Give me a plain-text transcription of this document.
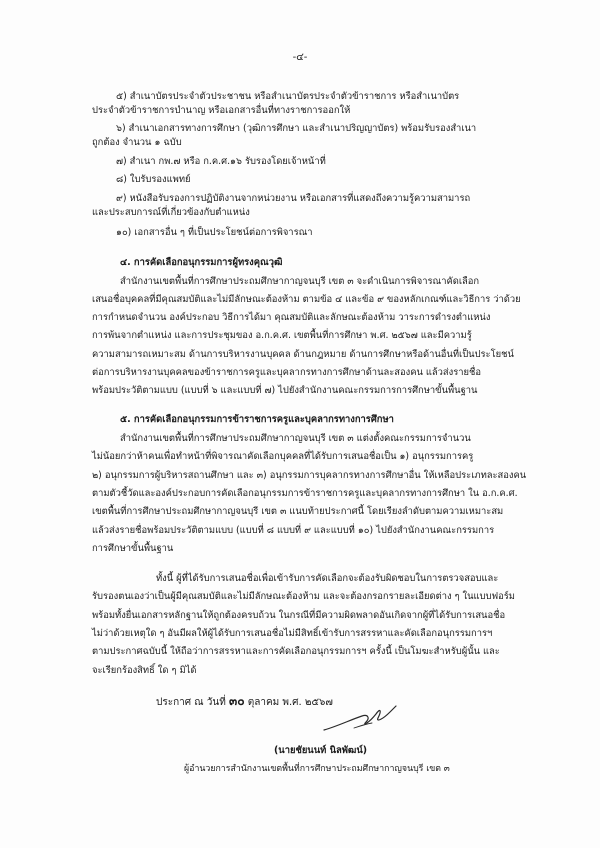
-๔-
๕) สำเนาบัตรประจำตัวประชาชน หรือสำเนาบัตรประจำตัวข้าราชการ หรือสำเนาบัตร
ประจำตัวข้าราชการบำนาญ หรือเอกสารอื่นที่ทางราชการออกให้
๖) สำเนาเอกสารทางการศึกษา (วุฒิการศึกษา และสำเนาปริญญาบัตร) พร้อมรับรองสำเนา
ถูกต้อง จำนวน ๑ ฉบับ
๗) สำเนา กพ.๗ หรือ ก.ค.ศ.๑๖ รับรองโดยเจ้าหน้าที่
๘) ใบรับรองแพทย์
๙) หนังสือรับรองการปฏิบัติงานจากหน่วยงาน หรือเอกสารที่แสดงถึงความรู้ความสามารถ
และประสบการณ์ที่เกี่ยวข้องกับตำแหน่ง
๑๐) เอกสารอื่น ๆ ที่เป็นประโยชน์ต่อการพิจารณา
๔. การคัดเลือกอนุกรรมการผู้ทรงคุณวุฒิ
สำนักงานเขตพื้นที่การศึกษาประถมศึกษากาญจนบุรี เขต ๓ จะดำเนินการพิจารณาคัดเลือก
เสนอชื่อบุคคลที่มีคุณสมบัติและไม่มีลักษณะต้องห้าม ตามข้อ ๔ และข้อ ๙ ของหลักเกณฑ์และวิธีการ ว่าด้วย
การกำหนดจำนวน องค์ประกอบ วิธีการได้มา คุณสมบัติและลักษณะต้องห้าม วาระการดำรงตำแหน่ง
การพ้นจากตำแหน่ง และการประชุมของ อ.ก.ค.ศ. เขตพื้นที่การศึกษา พ.ศ. ๒๕๖๗ และมีความรู้
ความสามารถเหมาะสม ด้านการบริหารงานบุคคล ด้านกฎหมาย ด้านการศึกษาหรือด้านอื่นที่เป็นประโยชน์
ต่อการบริหารงานบุคคลของข้าราชการครูและบุคลากรทางการศึกษาด้านละสองคน แล้วส่งรายชื่อ
พร้อมประวัติตามแบบ (แบบที่ ๖ และแบบที่ ๗) ไปยังสำนักงานคณะกรรมการการศึกษาขั้นพื้นฐาน
๕. การคัดเลือกอนุกรรมการข้าราชการครูและบุคลากรทางการศึกษา
สำนักงานเขตพื้นที่การศึกษาประถมศึกษากาญจนบุรี เขต ๓ แต่งตั้งคณะกรรมการจำนวน
ไม่น้อยกว่าห้าคนเพื่อทำหน้าที่พิจารณาคัดเลือกบุคคลที่ได้รับการเสนอชื่อเป็น ๑) อนุกรรมการครู
๒) อนุกรรมการผู้บริหารสถานศึกษา และ ๓) อนุกรรมการบุคลากรทางการศึกษาอื่น ให้เหลือประเภทละสองคน
ตามตัวชี้วัดและองค์ประกอบการคัดเลือกอนุกรรมการข้าราชการครูและบุคลากรทางการศึกษา ใน อ.ก.ค.ศ.
เขตพื้นที่การศึกษาประถมศึกษากาญจนบุรี เขต ๓ แนบท้ายประกาศนี้ โดยเรียงลำดับตามความเหมาะสม
แล้วส่งรายชื่อพร้อมประวัติตามแบบ (แบบที่ ๘ แบบที่ ๙ และแบบที่ ๑๐) ไปยังสำนักงานคณะกรรมการ
การศึกษาขั้นพื้นฐาน
ทั้งนี้ ผู้ที่ได้รับการเสนอชื่อเพื่อเข้ารับการคัดเลือกจะต้องรับผิดชอบในการตรวจสอบและ
รับรองตนเองว่าเป็นผู้มีคุณสมบัติและไม่มีลักษณะต้องห้าม และจะต้องกรอกรายละเอียดต่าง ๆ ในแบบฟอร์ม
พร้อมทั้งยื่นเอกสารหลักฐานให้ถูกต้องครบถ้วน ในกรณีที่มีความผิดพลาดอันเกิดจากผู้ที่ได้รับการเสนอชื่อ
ไม่ว่าด้วยเหตุใด ๆ อันมีผลให้ผู้ได้รับการเสนอชื่อไม่มีสิทธิ์เข้ารับการสรรหาและคัดเลือกอนุกรรมการฯ
ตามประกาศฉบับนี้ ให้ถือว่าการสรรหาและการคัดเลือกอนุกรรมการฯ ครั้งนี้ เป็นโมฆะสำหรับผู้นั้น และ
จะเรียกร้องสิทธิ์ ใด ๆ มิได้
ประกาศ ณ วันที่ ๓๐ ตุลาคม พ.ศ. ๒๕๖๗
(นายชัยนนท์ นิลพัฒน์)
ผู้อำนวยการสำนักงานเขตพื้นที่การศึกษาประถมศึกษากาญจนบุรี เขต ๓
